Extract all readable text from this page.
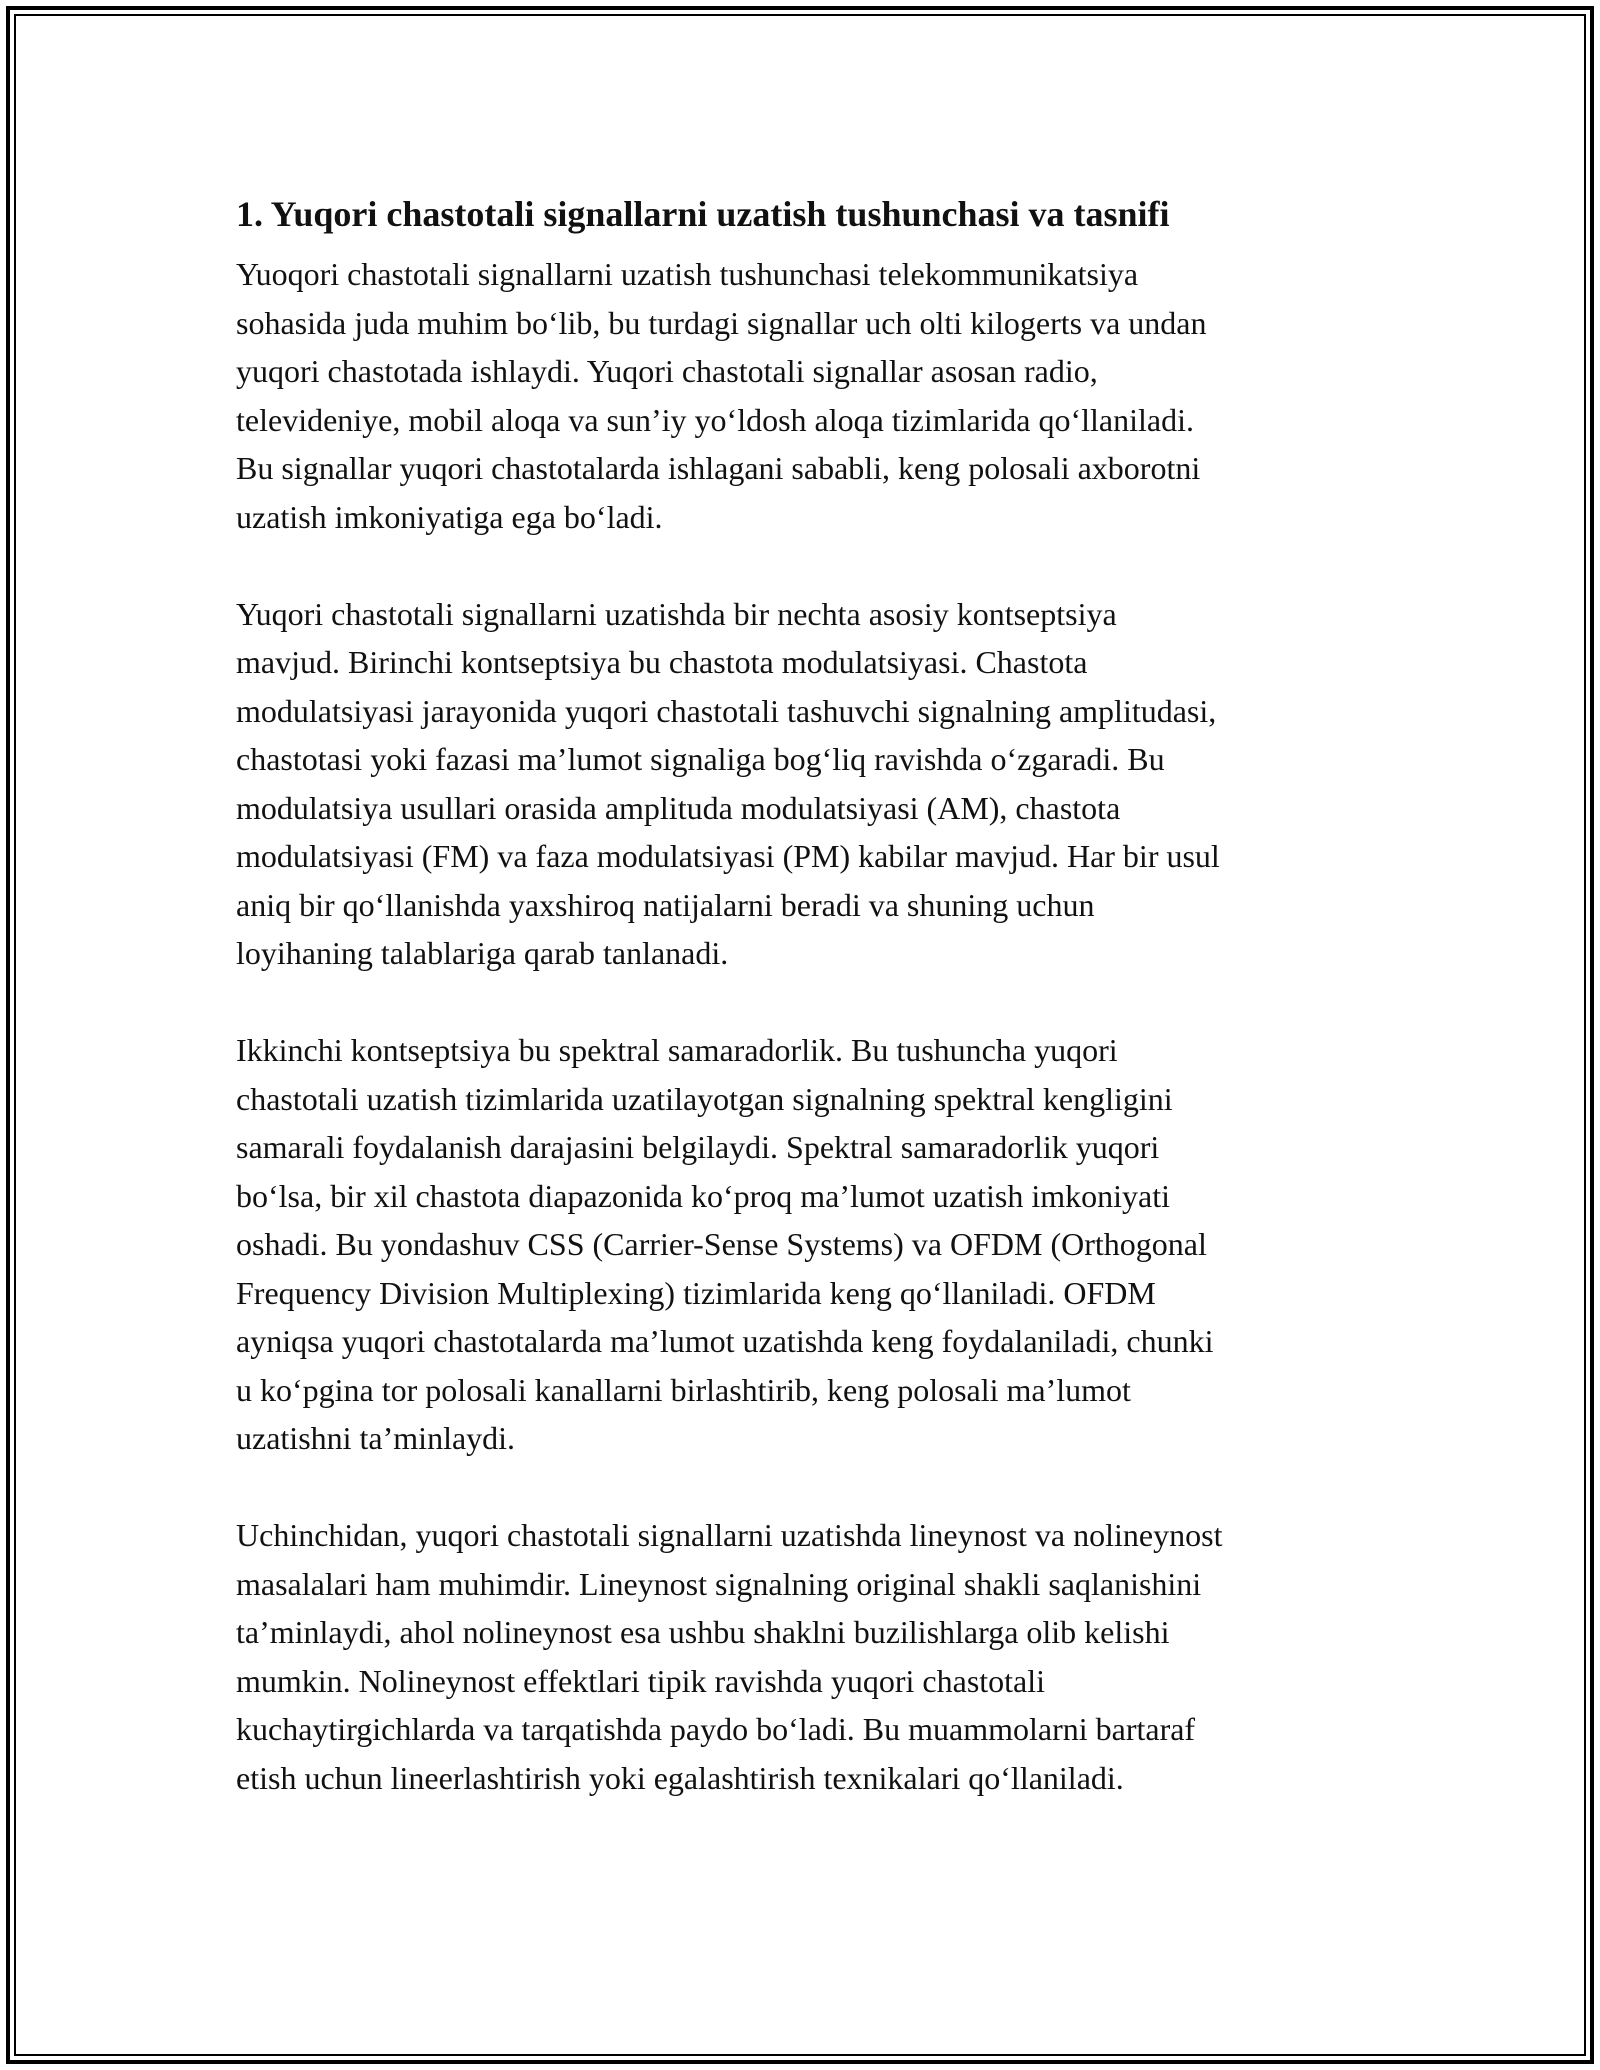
1. Yuqori chastotali signallarni uzatish tushunchasi va tasnifi

Yuoqori chastotali signallarni uzatish tushunchasi telekommunikatsiya
sohasida juda muhim bo‘lib, bu turdagi signallar uch olti kilogerts va undan
yuqori chastotada ishlaydi. Yuqori chastotali signallar asosan radio,
televideniye, mobil aloqa va sun’iy yo‘ldosh aloqa tizimlarida qo‘llaniladi.
Bu signallar yuqori chastotalarda ishlagani sababli, keng polosali axborotni
uzatish imkoniyatiga ega bo‘ladi.

Yuqori chastotali signallarni uzatishda bir nechta asosiy kontseptsiya
mavjud. Birinchi kontseptsiya bu chastota modulatsiyasi. Chastota
modulatsiyasi jarayonida yuqori chastotali tashuvchi signalning amplitudasi,
chastotasi yoki fazasi ma’lumot signaliga bog‘liq ravishda o‘zgaradi. Bu
modulatsiya usullari orasida amplituda modulatsiyasi (AM), chastota
modulatsiyasi (FM) va faza modulatsiyasi (PM) kabilar mavjud. Har bir usul
aniq bir qo‘llanishda yaxshiroq natijalarni beradi va shuning uchun
loyihaning talablariga qarab tanlanadi.

Ikkinchi kontseptsiya bu spektral samaradorlik. Bu tushuncha yuqori
chastotali uzatish tizimlarida uzatilayotgan signalning spektral kengligini
samarali foydalanish darajasini belgilaydi. Spektral samaradorlik yuqori
bo‘lsa, bir xil chastota diapazonida ko‘proq ma’lumot uzatish imkoniyati
oshadi. Bu yondashuv CSS (Carrier-Sense Systems) va OFDM (Orthogonal
Frequency Division Multiplexing) tizimlarida keng qo‘llaniladi. OFDM
ayniqsa yuqori chastotalarda ma’lumot uzatishda keng foydalaniladi, chunki
u ko‘pgina tor polosali kanallarni birlashtirib, keng polosali ma’lumot
uzatishni ta’minlaydi.

Uchinchidan, yuqori chastotali signallarni uzatishda lineynost va nolineynost
masalalari ham muhimdir. Lineynost signalning original shakli saqlanishini
ta’minlaydi, ahol nolineynost esa ushbu shaklni buzilishlarga olib kelishi
mumkin. Nolineynost effektlari tipik ravishda yuqori chastotali
kuchaytirgichlarda va tarqatishda paydo bo‘ladi. Bu muammolarni bartaraf
etish uchun lineerlashtirish yoki egalashtirish texnikalari qo‘llaniladi.
